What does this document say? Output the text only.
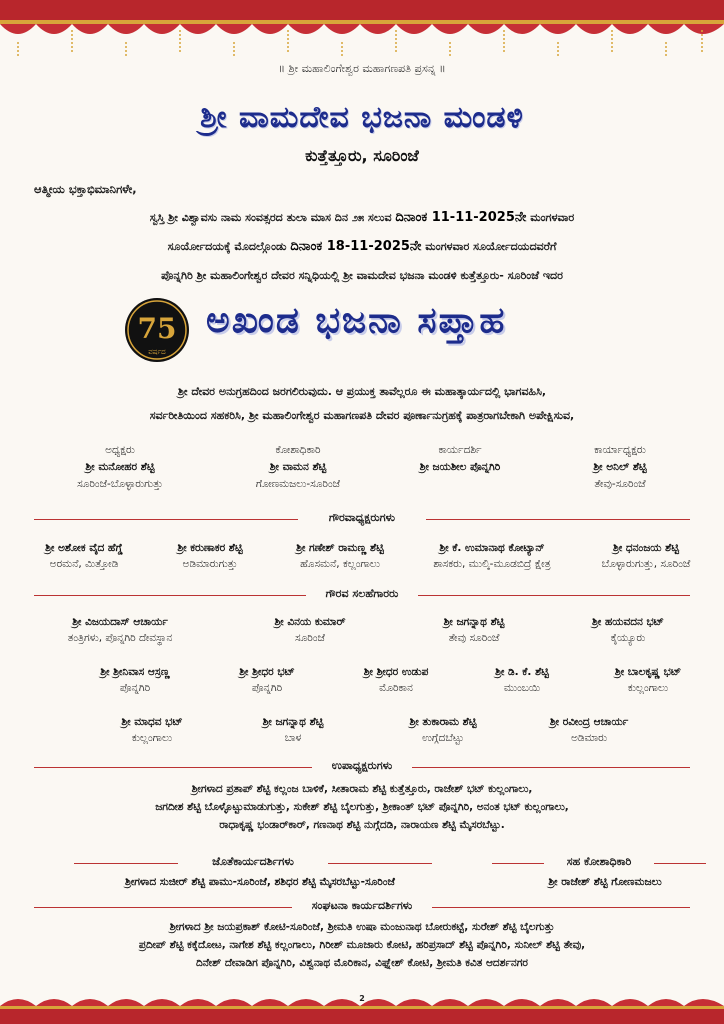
॥ ಶ್ರೀ ಮಹಾಲಿಂಗೇಶ್ವರ ಮಹಾಗಣಪತಿ ಪ್ರಸನ್ನ ॥
ಶ್ರೀ ವಾಮದೇವ ಭಜನಾ ಮಂಡಳಿ
ಕುತ್ತೆತ್ತೂರು, ಸೂರಿಂಜೆ
ಆತ್ಮೀಯ ಭಕ್ತಾಭಿಮಾನಿಗಳೇ,
ಸ್ವಸ್ತಿ ಶ್ರೀ ವಿಶ್ವಾವಸು ನಾಮ ಸಂವತ್ಸರದ ತುಲಾ ಮಾಸ ದಿನ ೨೫ ಸಲುವ ದಿನಾಂಕ 11-11-2025ನೇ ಮಂಗಳವಾರ
ಸೂರ್ಯೋದಯಕ್ಕೆ ಮೊದಲ್ಗೊಂಡು ದಿನಾಂಕ 18-11-2025ನೇ ಮಂಗಳವಾರ ಸೂರ್ಯೋದಯದವರೆಗೆ
ಪೊನ್ನಗಿರಿ ಶ್ರೀ ಮಹಾಲಿಂಗೇಶ್ವರ ದೇವರ ಸನ್ನಿಧಿಯಲ್ಲಿ ಶ್ರೀ ವಾಮದೇವ ಭಜನಾ ಮಂಡಳಿ ಕುತ್ತೆತ್ತೂರು- ಸೂರಿಂಜೆ ಇದರ
75
ವರ್ಷದ
ಅಖಂಡ ಭಜನಾ ಸಪ್ತಾಹ
ಶ್ರೀ ದೇವರ ಅನುಗ್ರಹದಿಂದ ಜರಗಲಿರುವುದು. ಆ ಪ್ರಯುಕ್ತ ತಾವೆಲ್ಲರೂ ಈ ಮಹಾತ್ಕಾರ್ಯದಲ್ಲಿ ಭಾಗವಹಿಸಿ,
ಸರ್ವರೀತಿಯಿಂದ ಸಹಕರಿಸಿ, ಶ್ರೀ ಮಹಾಲಿಂಗೇಶ್ವರ ಮಹಾಗಣಪತಿ ದೇವರ ಪೂರ್ಣಾನುಗ್ರಹಕ್ಕೆ ಪಾತ್ರರಾಗಬೇಕಾಗಿ ಅಪೇಕ್ಷಿಸುವ,
ಅಧ್ಯಕ್ಷರು
ಶ್ರೀ ಮನೋಹರ ಶೆಟ್ಟಿ
ಸೂರಿಂಜೆ-ಬೊಳ್ಳಾರುಗುತ್ತು
ಕೋಶಾಧಿಕಾರಿ
ಶ್ರೀ ವಾಮನ ಶೆಟ್ಟಿ
ಗೋಣಮಜಲು-ಸೂರಿಂಜೆ
ಕಾರ್ಯದರ್ಶಿ
ಶ್ರೀ ಜಯಶೀಲ ಪೊನ್ನಗಿರಿ
ಕಾರ್ಯಾಧ್ಯಕ್ಷರು
ಶ್ರೀ ಅನಿಲ್ ಶೆಟ್ಟಿ
ತೇವು-ಸೂರಿಂಜೆ
ಗೌರವಾಧ್ಯಕ್ಷರುಗಳು
ಶ್ರೀ ಅಶೋಕ ವೈದ ಹೆಗ್ಡೆ
ಅರಮನೆ, ಮಿತ್ತೋಡಿ
ಶ್ರೀ ಕರುಣಾಕರ ಶೆಟ್ಟಿ
ಅಡಿಮಾರುಗುತ್ತು
ಶ್ರೀ ಗಣೇಶ್ ರಾಮಣ್ಣ ಶೆಟ್ಟಿ
ಹೊಸಮನೆ, ಕಲ್ಲಂಗಾಲು
ಶ್ರೀ ಕೆ. ಉಮಾನಾಥ ಕೋಟ್ಯಾನ್
ಶಾಸಕರು, ಮುಲ್ಕಿ-ಮೂಡಬಿದ್ರೆ ಕ್ಷೇತ್ರ
ಶ್ರೀ ಧನಂಜಯ ಶೆಟ್ಟಿ
ಬೊಳ್ಳಾರುಗುತ್ತು, ಸೂರಿಂಜೆ
ಗೌರವ ಸಲಹೆಗಾರರು
ಶ್ರೀ ವಿಜಯದಾಸ್ ಆಚಾರ್ಯ
ತಂತ್ರಿಗಳು, ಪೊನ್ನಗಿರಿ ದೇವಸ್ಥಾನ
ಶ್ರೀ ವಿನಯ ಕುಮಾರ್
ಸೂರಿಂಜೆ
ಶ್ರೀ ಜಗನ್ನಾಥ ಶೆಟ್ಟಿ
ತೇವು ಸೂರಿಂಜೆ
ಶ್ರೀ ಹಯವದನ ಭಟ್
ಕೈಯ್ಯೂರು
ಶ್ರೀ ಶ್ರೀನಿವಾಸ ಆಸ್ರಣ್ಣ
ಪೊನ್ನಗಿರಿ
ಶ್ರೀ ಶ್ರೀಧರ ಭಟ್
ಪೊನ್ನಗಿರಿ
ಶ್ರೀ ಶ್ರೀಧರ ಉಡುಪ
ಮೊರಿಕಾನ
ಶ್ರೀ ಡಿ. ಕೆ. ಶೆಟ್ಟಿ
ಮುಂಬಯಿ
ಶ್ರೀ ಬಾಲಕೃಷ್ಣ ಭಟ್
ಕುಲ್ಲಂಗಾಲು
ಶ್ರೀ ಮಾಧವ ಭಟ್
ಕುಲ್ಲಂಗಾಲು
ಶ್ರೀ ಜಗನ್ನಾಥ ಶೆಟ್ಟಿ
ಬಾಳ
ಶ್ರೀ ತುಕಾರಾಮ ಶೆಟ್ಟಿ
ಉಗ್ಗೆದಬೆಟ್ಟು
ಶ್ರೀ ರವೀಂದ್ರ ಆಚಾರ್ಯ
ಅಡಿಮಾರು
ಉಪಾಧ್ಯಕ್ಷರುಗಳು
ಶ್ರೀಗಳಾದ ಪ್ರತಾಪ್ ಶೆಟ್ಟಿ ಕಲ್ಲಂಜ ಬಾಳಿಕೆ, ಸೀತಾರಾಮ ಶೆಟ್ಟಿ ಕುತ್ತೆತ್ತೂರು, ರಾಜೇಶ್ ಭಟ್ ಕುಲ್ಲಂಗಾಲು,
ಜಗದೀಶ ಶೆಟ್ಟಿ ಬೊಳ್ಳೊಟ್ಟುಮಾಡುಗುತ್ತು, ಸುಕೇಶ್ ಶೆಟ್ಟಿ ಬೈಲಗುತ್ತು, ಶ್ರೀಕಾಂತ್ ಭಟ್ ಪೊನ್ನಗಿರಿ, ಅನಂತ ಭಟ್ ಕುಲ್ಲಂಗಾಲು,
ರಾಧಾಕೃಷ್ಣ ಭಂಡಾರ್‌ಕಾರ್, ಗಣನಾಥ ಶೆಟ್ಟಿ ನುಗ್ಗೆದಡಿ, ನಾರಾಯಣ ಶೆಟ್ಟಿ ಮೈಸರಬೆಟ್ಟು.
ಜೊತೆಕಾರ್ಯದರ್ಶಿಗಳು	ಸಹ ಕೋಶಾಧಿಕಾರಿ
ಶ್ರೀಗಳಾದ ಸುಜೀರ್ ಶೆಟ್ಟಿ ಪಾಮು-ಸೂರಿಂಜೆ, ಶಶಿಧರ ಶೆಟ್ಟಿ ಮೈಸರಬೆಟ್ಟು-ಸೂರಿಂಜೆ	ಶ್ರೀ ರಾಜೇಶ್ ಶೆಟ್ಟಿ ಗೋಣಮಜಲು
ಸಂಘಟನಾ ಕಾರ್ಯದರ್ಶಿಗಳು
ಶ್ರೀಗಳಾದ ಶ್ರೀ ಜಯಪ್ರಕಾಶ್ ಕೋಟಿ-ಸೂರಿಂಜೆ, ಶ್ರೀಮತಿ ಉಷಾ ಮಂಜುನಾಥ ಬೋರುಕಟ್ಟೆ, ಸುರೇಶ್ ಶೆಟ್ಟಿ ಬೈಲಗುತ್ತು
ಪ್ರದೀಪ್ ಶೆಟ್ಟಿ ಕಕ್ಕೆದೋಟ, ನಾಗೇಶ ಶೆಟ್ಟಿ ಕಲ್ಲಂಗಾಲು, ಗಿರೀಶ್ ಮೂಜಾರು ಕೋಟಿ, ಹರಿಪ್ರಸಾದ್ ಶೆಟ್ಟಿ ಪೊನ್ನಗಿರಿ, ಸುನೀಲ್ ಶೆಟ್ಟಿ ತೇವು,
ದಿನೇಶ್ ದೇವಾಡಿಗ ಪೊನ್ನಗಿರಿ, ವಿಶ್ವನಾಥ ಮೊರಿಕಾನ, ವಿಘ್ನೇಶ್ ಕೋಟಿ, ಶ್ರೀಮತಿ ಕವಿತ ಆದರ್ಶನಗರ
2
